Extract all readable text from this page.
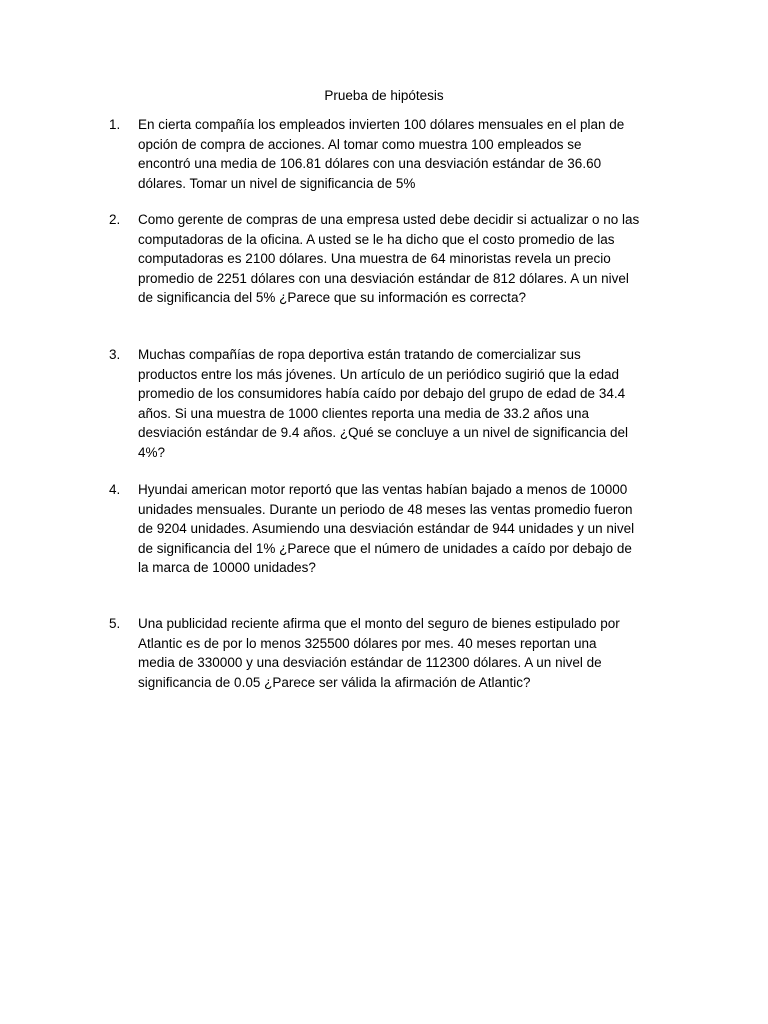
Prueba de hipótesis
1. En cierta compañía los empleados invierten 100 dólares mensuales en el plan de
opción de compra de acciones. Al tomar como muestra 100 empleados se
encontró una media de 106.81 dólares con una desviación estándar de 36.60
dólares. Tomar un nivel de significancia de 5%

2. Como gerente de compras de una empresa usted debe decidir si actualizar o no las
computadoras de la oficina. A usted se le ha dicho que el costo promedio de las
computadoras es 2100 dólares. Una muestra de 64 minoristas revela un precio
promedio de 2251 dólares con una desviación estándar de 812 dólares. A un nivel
de significancia del 5% ¿Parece que su información es correcta?

3. Muchas compañías de ropa deportiva están tratando de comercializar sus
productos entre los más jóvenes. Un artículo de un periódico sugirió que la edad
promedio de los consumidores había caído por debajo del grupo de edad de 34.4
años. Si una muestra de 1000 clientes reporta una media de 33.2 años una
desviación estándar de 9.4 años. ¿Qué se concluye a un nivel de significancia del
4%?

4. Hyundai american motor reportó que las ventas habían bajado a menos de 10000
unidades mensuales. Durante un periodo de 48 meses las ventas promedio fueron
de 9204 unidades. Asumiendo una desviación estándar de 944 unidades y un nivel
de significancia del 1% ¿Parece que el número de unidades a caído por debajo de
la marca de 10000 unidades?

5. Una publicidad reciente afirma que el monto del seguro de bienes estipulado por
Atlantic es de por lo menos 325500 dólares por mes. 40 meses reportan una
media de 330000 y una desviación estándar de 112300 dólares. A un nivel de
significancia de 0.05 ¿Parece ser válida la afirmación de Atlantic?
